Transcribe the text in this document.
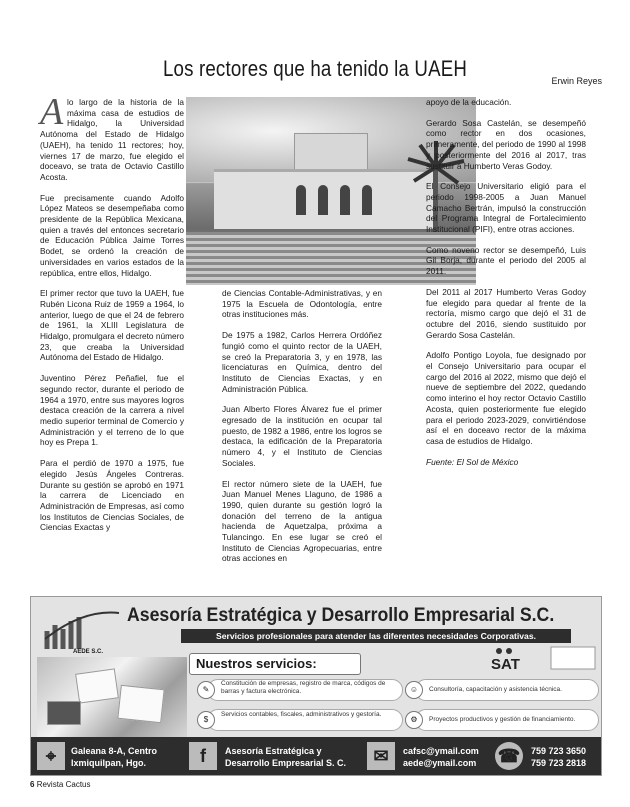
Los rectores que ha tenido la UAEH	Erwin Reyes

Alo largo de la historia de la máxima casa de estudios de Hidalgo, la Universidad Autónoma del Estado de Hidalgo (UAEH), ha tenido 11 rectores; hoy, viernes 17 de marzo, fue elegido el doceavo, se trata de Octavio Castillo Acosta.

Fue precisamente cuando Adolfo López Mateos se desempeñaba como presidente de la República Mexicana, quien a través del entonces secretario de Educación Pública Jaime Torres Bodet, se ordenó la creación de universidades en varios estados de la república, entre ellos, Hidalgo.

El primer rector que tuvo la UAEH, fue Rubén Licona Ruiz de 1959 a 1964, lo anterior, luego de que el 24 de febrero de 1961, la XLIII Legislatura de Hidalgo, promulgara el decreto número 23, que creaba la Universidad Autónoma del Estado de Hidalgo.

Juventino Pérez Peñafiel, fue el segundo rector, durante el periodo de 1964 a 1970, entre sus mayores logros destaca creación de la carrera a nivel medio superior terminal de Comercio y Administración y el terreno de lo que hoy es Prepa 1.

Para el perdió de 1970 a 1975, fue elegido Jesús Ángeles Contreras. Durante su gestión se aprobó en 1971 la carrera de Licenciado en Administración de Empresas, así como los Institutos de Ciencias Sociales, de Ciencias Exactas y

de Ciencias Contable-Administrativas, y en 1975 la Escuela de Odontología, entre otras instituciones más.

De 1975 a 1982, Carlos Herrera Ordóñez fungió como el quinto rector de la UAEH, se creó la Preparatoria 3, y en 1978, las licenciaturas en Química, dentro del Instituto de Ciencias Exactas, y en Administración Pública.

Juan Alberto Flores Álvarez fue el primer egresado de la institución en ocupar tal puesto, de 1982 a 1986, entre los logros se destaca, la edificación de la Preparatoria número 4, y el Instituto de Ciencias Sociales.

El rector número siete de la UAEH, fue Juan Manuel Menes Llaguno, de 1986 a 1990, quien durante su gestión logró la donación del terreno de la antigua hacienda de Aquetzalpa, próxima a Tulancingo. En ese lugar se creó el Instituto de Ciencias Agropecuarias, entre otras acciones en

apoyo de la educación.

Gerardo Sosa Castelán, se desempeñó como rector en dos ocasiones, primeramente, del periodo de 1990 al 1998 y posteriormente del 2016 al 2017, tras sustituir a Humberto Veras Godoy.

El Consejo Universitario eligió para el periodo 1998-2005 a Juan Manuel Camacho Bertrán, impulsó la construcción del Programa Integral de Fortalecimiento Institucional (PIFI), entre otras acciones.

Como noveno rector se desempeñó, Luis Gil Borja, durante el periodo del 2005 al 2011.

Del 2011 al 2017 Humberto Veras Godoy fue elegido para quedar al frente de la rectoría, mismo cargo que dejó el 31 de octubre del 2016, siendo sustituido por Gerardo Sosa Castelán.

Adolfo Pontigo Loyola, fue designado por el Consejo Universitario para ocupar el cargo del 2016 al 2022, mismo que dejó el nueve de septiembre del 2022, quedando como interino el hoy rector Octavio Castillo Acosta, quien posteriormente fue elegido para el periodo 2023-2029, convirtiéndose así el en doceavo rector de la máxima casa de estudios de Hidalgo.

Fuente: El Sol de México

AEDE S.C.
Asesoría Estratégica y Desarrollo Empresarial S.C.
Servicios profesionales para atender las diferentes necesidades Corporativas.
Nuestros servicios:	SAT
✎
Constitución de empresas, registro de marca, códigos de barras y factura electrónica.	☺	Consultoría, capacitación y asistencia técnica.
$
Servicios contables, fiscales, administrativos y gestoría.
⚙	Proyectos productivos y gestión de financiamiento.
⌖	Galeana 8-A, Centro
Ixmiquilpan, Hgo.	f	Asesoría Estratégica y
Desarrollo Empresarial S. C.	✉	cafsc@ymail.com
aede@ymail.com ☎	759 723 3650
759 723 2818
6 Revista Cactus
